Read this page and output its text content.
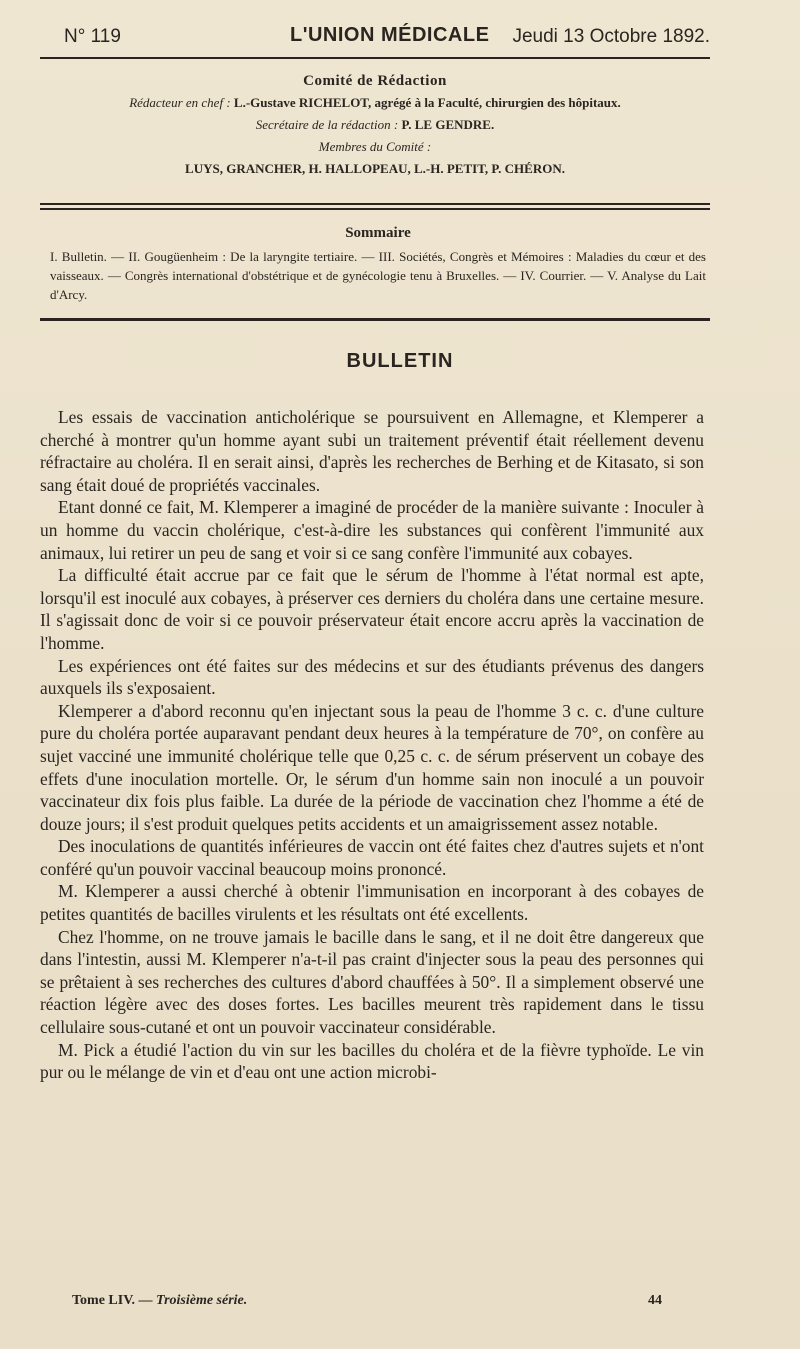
N° 119	L'UNION MÉDICALE Jeudi 13 Octobre 1892.
Comité de Rédaction
Rédacteur en chef : L.-Gustave RICHELOT, agrégé à la Faculté, chirurgien des hôpitaux.
Secrétaire de la rédaction : P. LE GENDRE.
Membres du Comité :
LUYS, GRANCHER, H. HALLOPEAU, L.-H. PETIT, P. CHÉRON.
Sommaire
I. Bulletin. — II. Gougüenheim : De la laryngite tertiaire. — III. Sociétés, Congrès et Mémoires : Maladies du cœur et des vaisseaux. — Congrès international d'obstétrique et de gynécologie tenu à Bruxelles. — IV. Courrier. — V. Analyse du Lait d'Arcy.
BULLETIN

Les essais de vaccination anticholérique se poursuivent en Allemagne, et Klemperer a cherché à montrer qu'un homme ayant subi un traitement préventif était réellement devenu réfractaire au choléra. Il en serait ainsi, d'après les recherches de Berhing et de Kitasato, si son sang était doué de propriétés vaccinales.

Etant donné ce fait, M. Klemperer a imaginé de procéder de la manière suivante : Inoculer à un homme du vaccin cholérique, c'est-à-dire les substances qui confèrent l'immunité aux animaux, lui retirer un peu de sang et voir si ce sang confère l'immunité aux cobayes.

La difficulté était accrue par ce fait que le sérum de l'homme à l'état normal est apte, lorsqu'il est inoculé aux cobayes, à préserver ces derniers du choléra dans une certaine mesure. Il s'agissait donc de voir si ce pouvoir préservateur était encore accru après la vaccination de l'homme.

Les expériences ont été faites sur des médecins et sur des étudiants prévenus des dangers auxquels ils s'exposaient.

Klemperer a d'abord reconnu qu'en injectant sous la peau de l'homme 3 c. c. d'une culture pure du choléra portée auparavant pendant deux heures à la température de 70°, on confère au sujet vacciné une immunité cholérique telle que 0,25 c. c. de sérum préservent un cobaye des effets d'une inoculation mortelle. Or, le sérum d'un homme sain non inoculé a un pouvoir vaccinateur dix fois plus faible. La durée de la période de vaccination chez l'homme a été de douze jours; il s'est produit quelques petits accidents et un amaigrissement assez notable.

Des inoculations de quantités inférieures de vaccin ont été faites chez d'autres sujets et n'ont conféré qu'un pouvoir vaccinal beaucoup moins prononcé.

M. Klemperer a aussi cherché à obtenir l'immunisation en incorporant à des cobayes de petites quantités de bacilles virulents et les résultats ont été excellents.

Chez l'homme, on ne trouve jamais le bacille dans le sang, et il ne doit être dangereux que dans l'intestin, aussi M. Klemperer n'a-t-il pas craint d'injecter sous la peau des personnes qui se prêtaient à ses recherches des cultures d'abord chauffées à 50°. Il a simplement observé une réaction légère avec des doses fortes. Les bacilles meurent très rapidement dans le tissu cellulaire sous-cutané et ont un pouvoir vaccinateur considérable.

M. Pick a étudié l'action du vin sur les bacilles du choléra et de la fièvre typhoïde. Le vin pur ou le mélange de vin et d'eau ont une action microbi-

Tome LIV. — Troisième série.	44
